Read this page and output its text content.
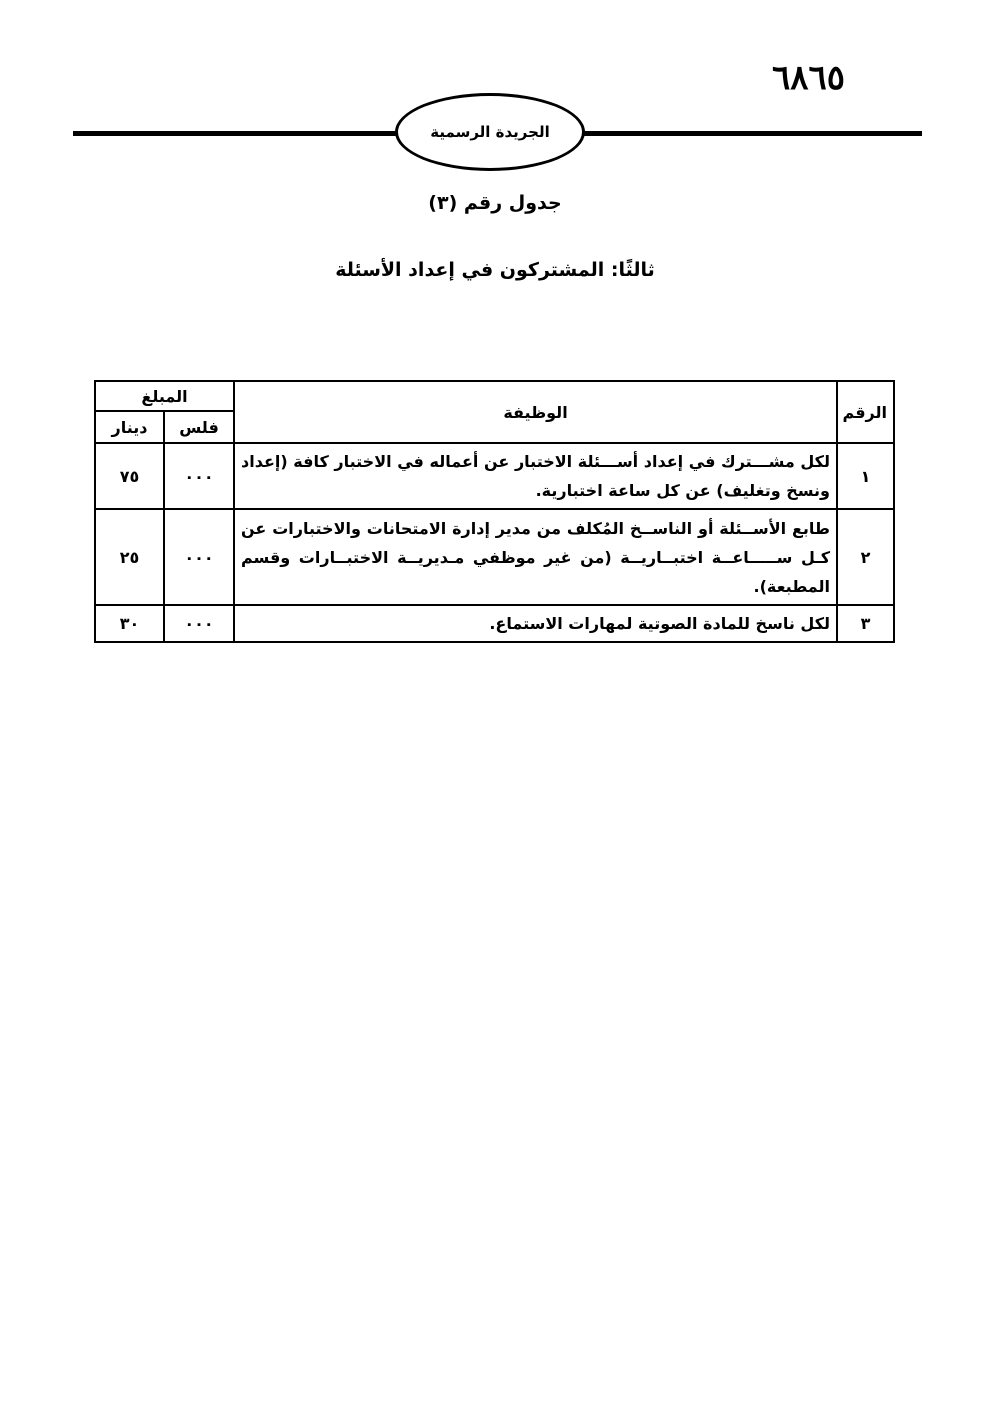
٦٨٦٥
الجريدة الرسمية
جدول رقم (٣)
ثالثًا: المشتركون في إعداد الأسئلة
الرقم	الوظيفة	المبلغ	
		فلس	دينار
١	لكل مشـــترك في إعداد أســـئلة الاختبار عن أعماله في الاختبار كافة (إعداد ونسخ وتغليف) عن كل ساعة اختبارية.	٠٠٠	٧٥
٢	طابع الأســئلة أو الناســخ المُكلف من مدير إدارة الامتحانات والاختبارات عن كـل ســـــاعــة اختبــاريــة (من غير موظفي مـديريــة الاختبــارات وقسم المطبعة).	٠٠٠	٢٥
٣	لكل ناسخ للمادة الصوتية لمهارات الاستماع.	٠٠٠	٣٠
